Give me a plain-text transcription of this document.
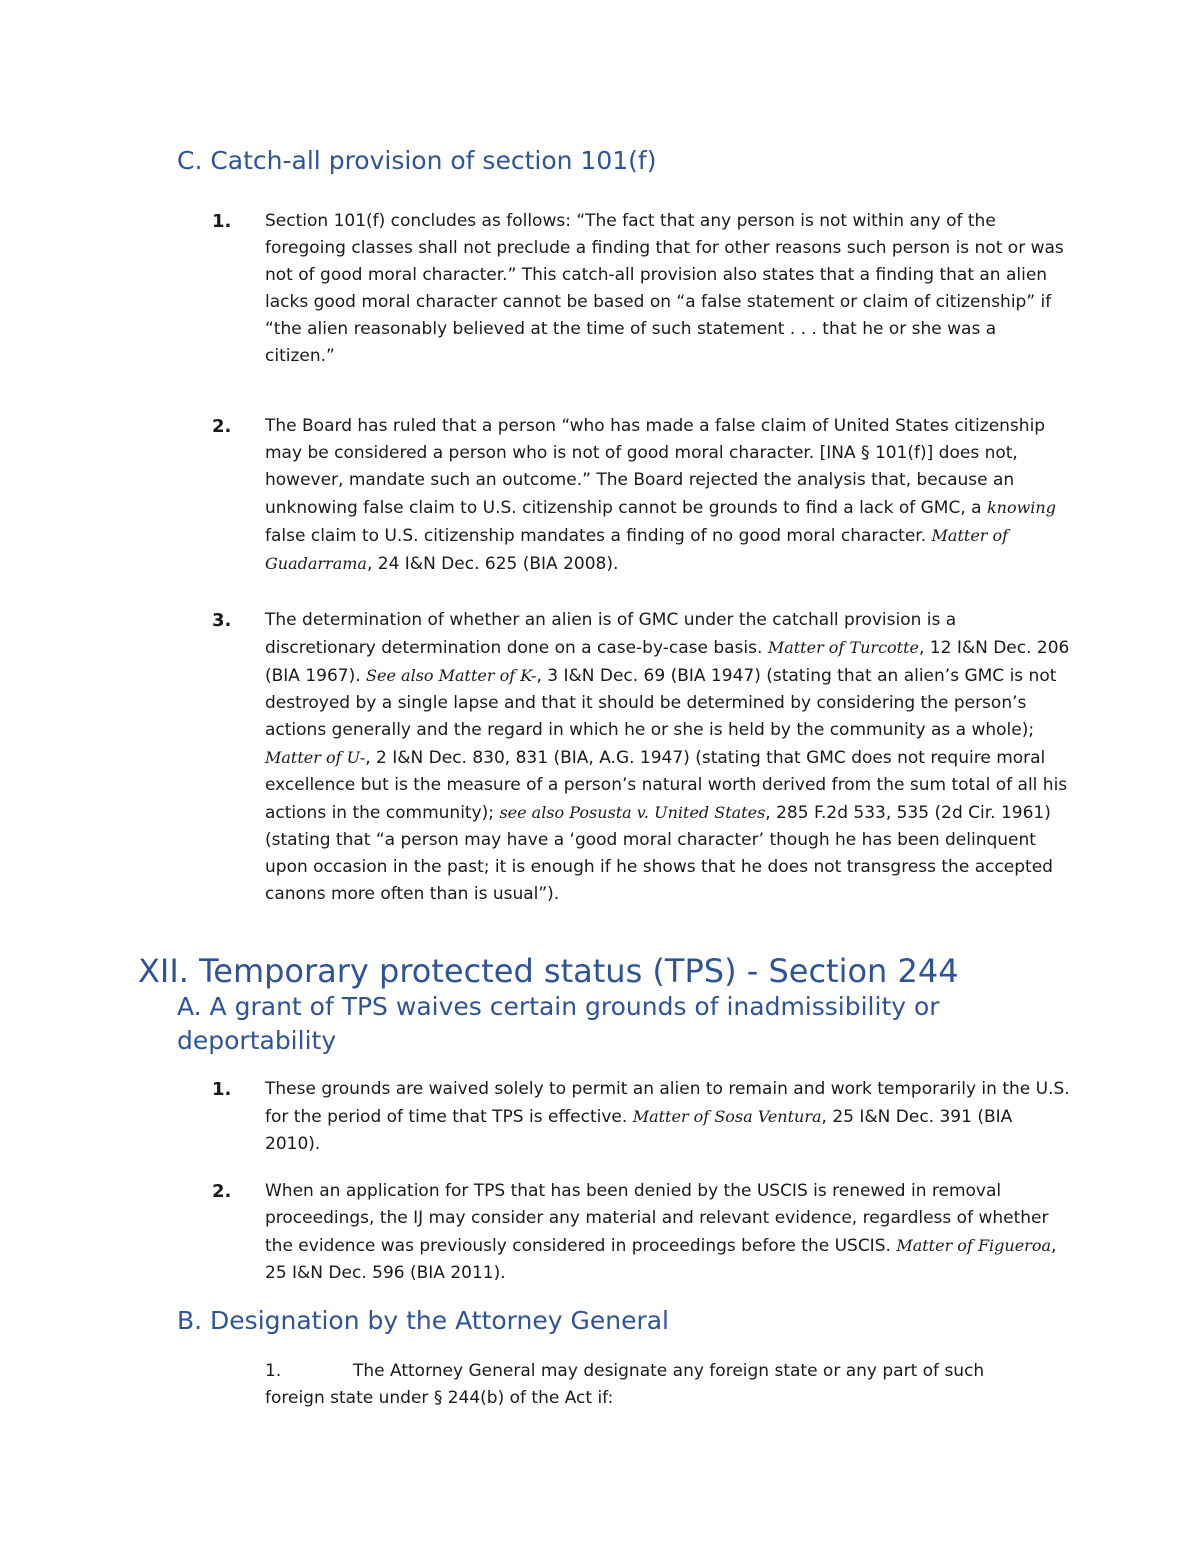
C. Catch-all provision of section 101(f)
1. Section 101(f) concludes as follows: “The fact that any person is not within any of the foregoing classes shall not preclude a finding that for other reasons such person is not or was not of good moral character.” This catch-all provision also states that a finding that an alien lacks good moral character cannot be based on “a false statement or claim of citizenship” if “the alien reasonably believed at the time of such statement . . . that he or she was a citizen.”
2. The Board has ruled that a person “who has made a false claim of United States citizenship may be considered a person who is not of good moral character. [INA § 101(f)] does not, however, mandate such an outcome.” The Board rejected the analysis that, because an unknowing false claim to U.S. citizenship cannot be grounds to find a lack of GMC, a knowing false claim to U.S. citizenship mandates a finding of no good moral character. Matter of Guadarrama, 24 I&N Dec. 625 (BIA 2008).
3. The determination of whether an alien is of GMC under the catchall provision is a discretionary determination done on a case-by-case basis. Matter of Turcotte, 12 I&N Dec. 206 (BIA 1967). See also Matter of K-, 3 I&N Dec. 69 (BIA 1947) (stating that an alien’s GMC is not destroyed by a single lapse and that it should be determined by considering the person’s actions generally and the regard in which he or she is held by the community as a whole); Matter of U-, 2 I&N Dec. 830, 831 (BIA, A.G. 1947) (stating that GMC does not require moral excellence but is the measure of a person’s natural worth derived from the sum total of all his actions in the community); see also Posusta v. United States, 285 F.2d 533, 535 (2d Cir. 1961) (stating that “a person may have a ‘good moral character’ though he has been delinquent upon occasion in the past; it is enough if he shows that he does not transgress the accepted canons more often than is usual”).
XII. Temporary protected status (TPS) - Section 244
A. A grant of TPS waives certain grounds of inadmissibility or deportability
1. These grounds are waived solely to permit an alien to remain and work temporarily in the U.S. for the period of time that TPS is effective. Matter of Sosa Ventura, 25 I&N Dec. 391 (BIA 2010).
2. When an application for TPS that has been denied by the USCIS is renewed in removal proceedings, the IJ may consider any material and relevant evidence, regardless of whether the evidence was previously considered in proceedings before the USCIS. Matter of Figueroa, 25 I&N Dec. 596 (BIA 2011).
B. Designation by the Attorney General
1.	The Attorney General may designate any foreign state or any part of such
foreign state under § 244(b) of the Act if:
